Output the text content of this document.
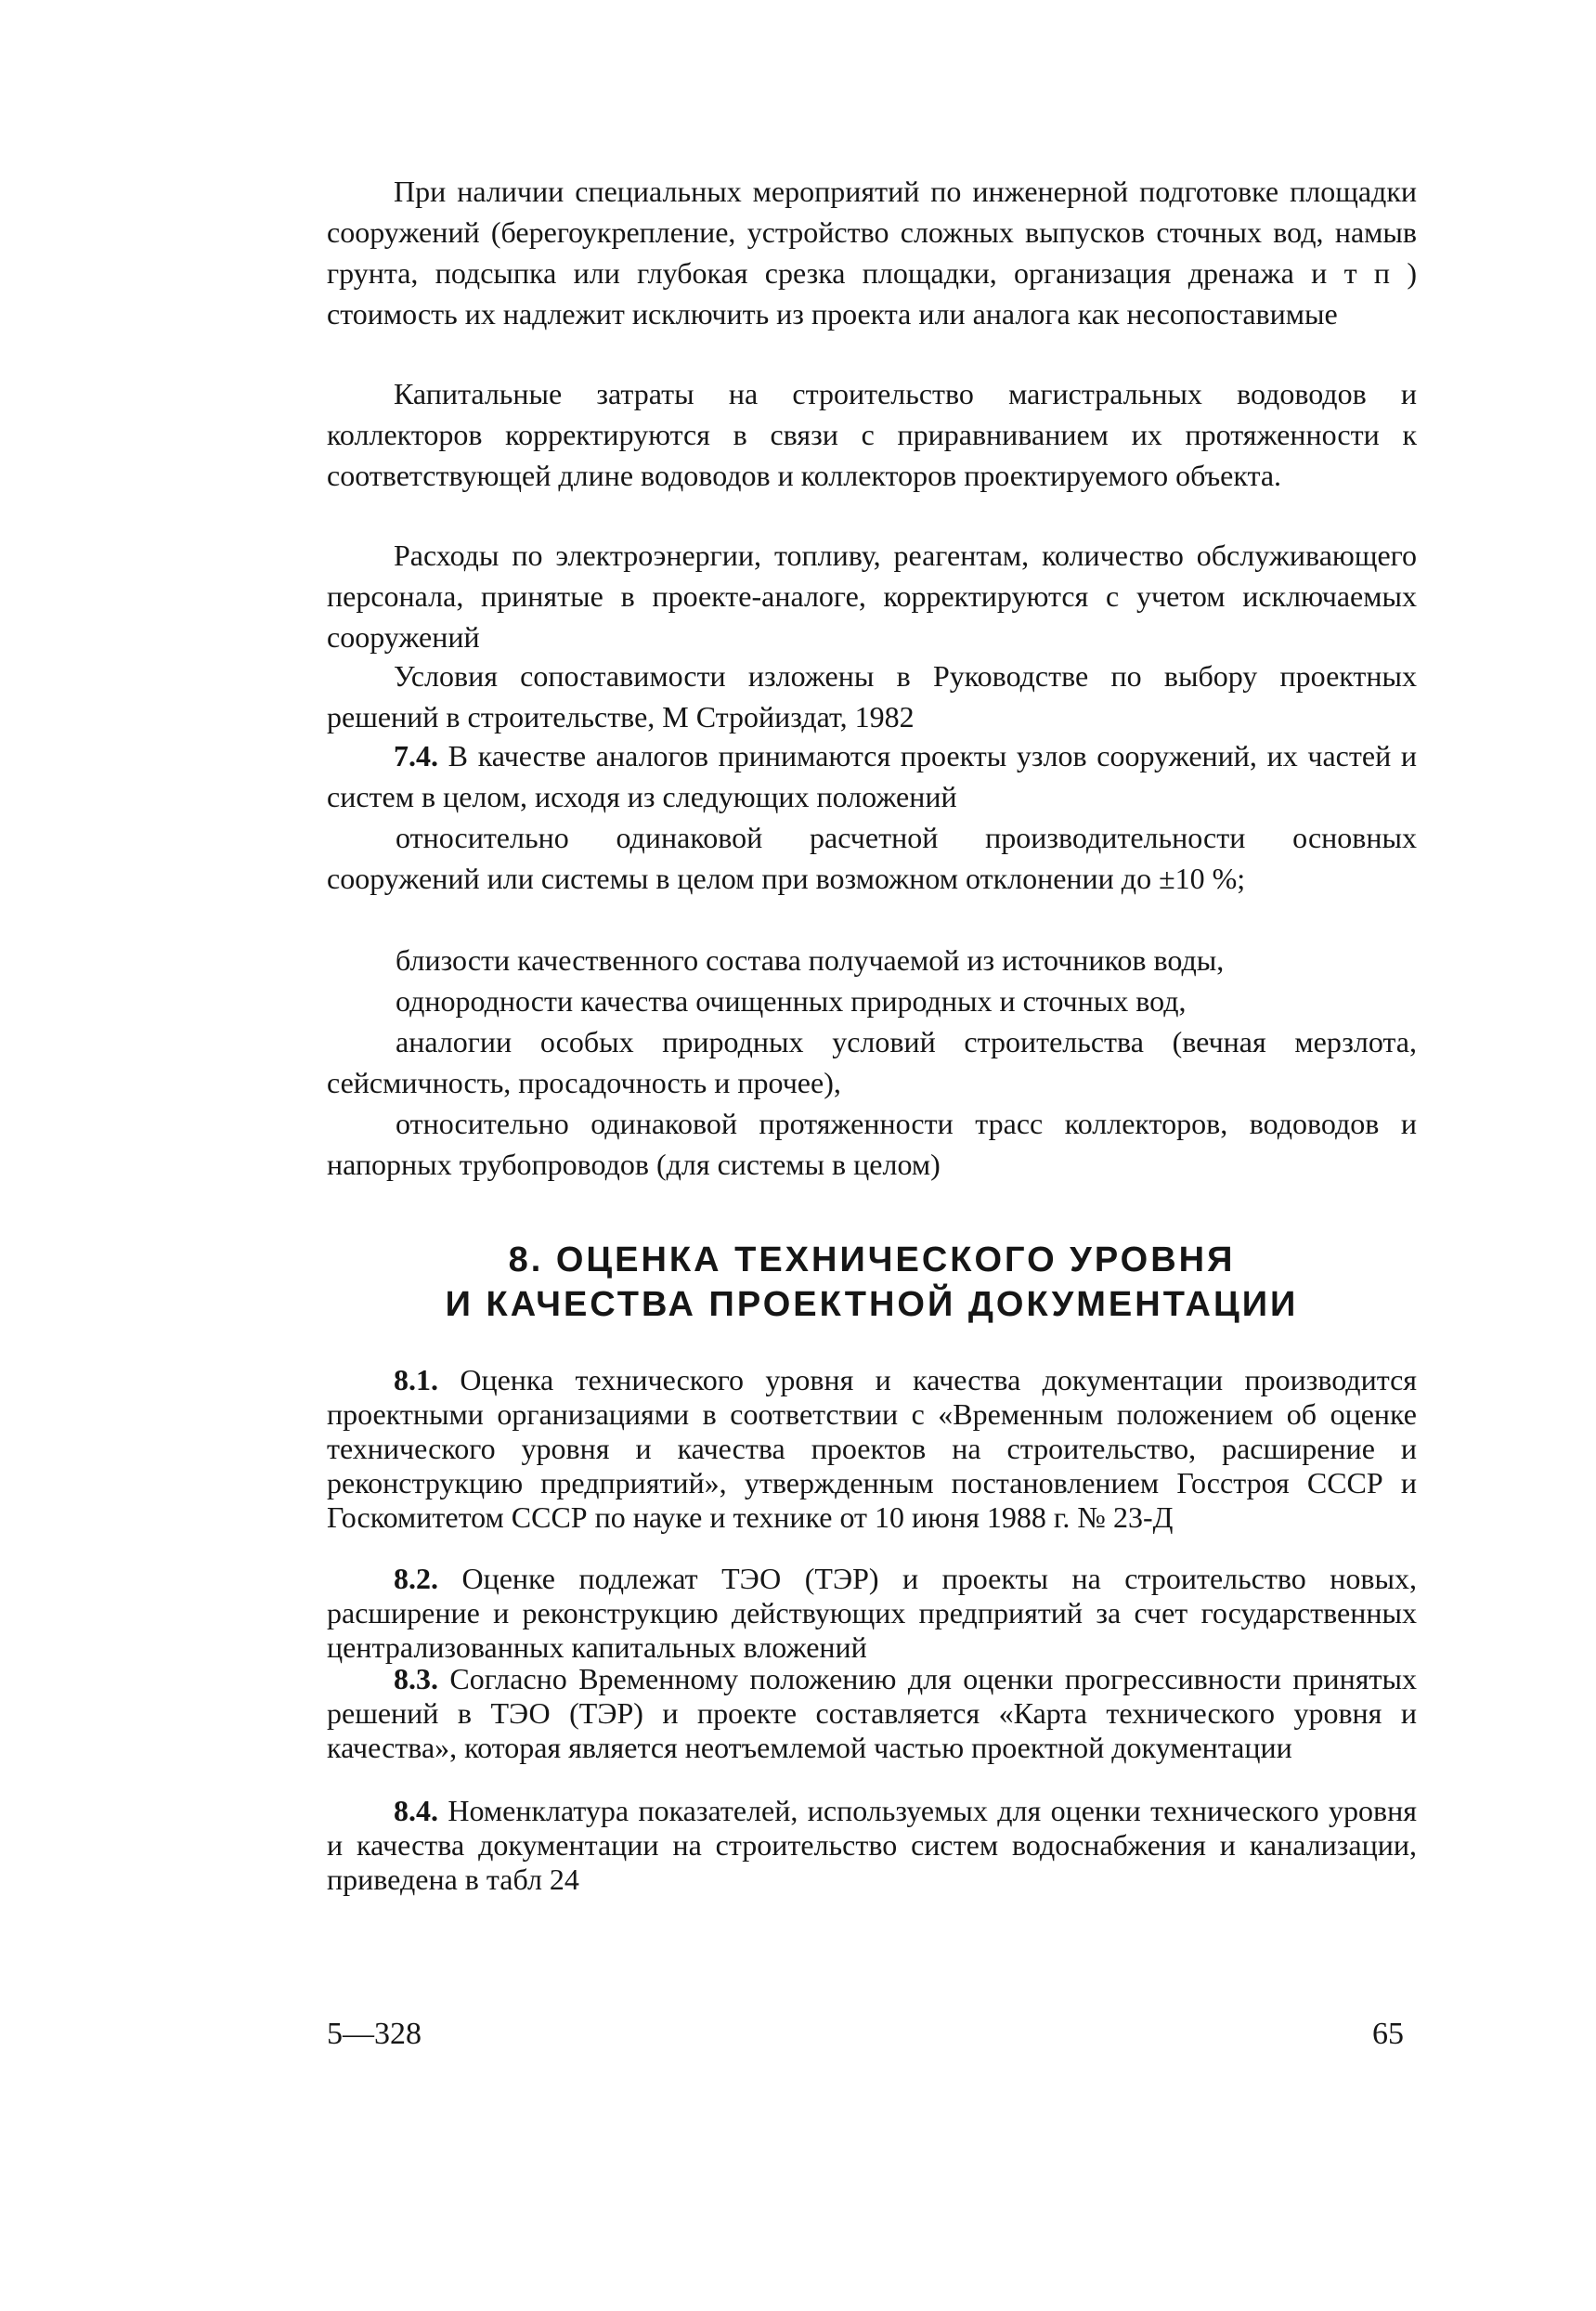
При наличии специальных мероприятий по инженерной подготовке площадки сооружений (берегоукрепление, устройство сложных выпусков сточных вод, намыв грунта, подсыпка или глубокая срезка площадки, организация дренажа и т п ) стоимость их надлежит исключить из проекта или аналога как несопоставимые

Капитальные затраты на строительство магистральных водоводов и коллекторов корректируются в связи с приравниванием их протяженности к соответствующей длине водоводов и коллекторов проектируемого объекта.

Расходы по электроэнергии, топливу, реагентам, количество обслуживающего персонала, принятые в проекте-аналоге, корректируются с учетом исключаемых сооружений

Условия сопоставимости изложены в Руководстве по выбору проектных решений в строительстве, М Стройиздат, 1982

7.4. В качестве аналогов принимаются проекты узлов сооружений, их частей и систем в целом, исходя из следующих положений

относительно одинаковой расчетной производительности основных сооружений или системы в целом при возможном отклонении до ±10 %;

близости качественного состава получаемой из источников воды,

однородности качества очищенных природных и сточных вод,

аналогии особых природных условий строительства (вечная мерзлота, сейсмичность, просадочность и прочее),

относительно одинаковой протяженности трасс коллекторов, водоводов и напорных трубопроводов (для системы в целом)

8. ОЦЕНКА ТЕХНИЧЕСКОГО УРОВНЯ
И КАЧЕСТВА ПРОЕКТНОЙ ДОКУМЕНТАЦИИ

8.1. Оценка технического уровня и качества документации производится проектными организациями в соответствии с «Временным положением об оценке технического уровня и качества проектов на строительство, расширение и реконструкцию предприятий», утвержденным постановлением Госстроя СССР и Госкомитетом СССР по науке и технике от 10 июня 1988 г. № 23-Д

8.2. Оценке подлежат ТЭО (ТЭР) и проекты на строительство новых, расширение и реконструкцию действующих предприятий за счет государственных централизованных капитальных вложений

8.3. Согласно Временному положению для оценки прогрессивности принятых решений в ТЭО (ТЭР) и проекте составляется «Карта технического уровня и качества», которая является неотъемлемой частью проектной документации

8.4. Номенклатура показателей, используемых для оценки технического уровня и качества документации на строительство систем водоснабжения и канализации, приведена в табл 24

5—328	65
